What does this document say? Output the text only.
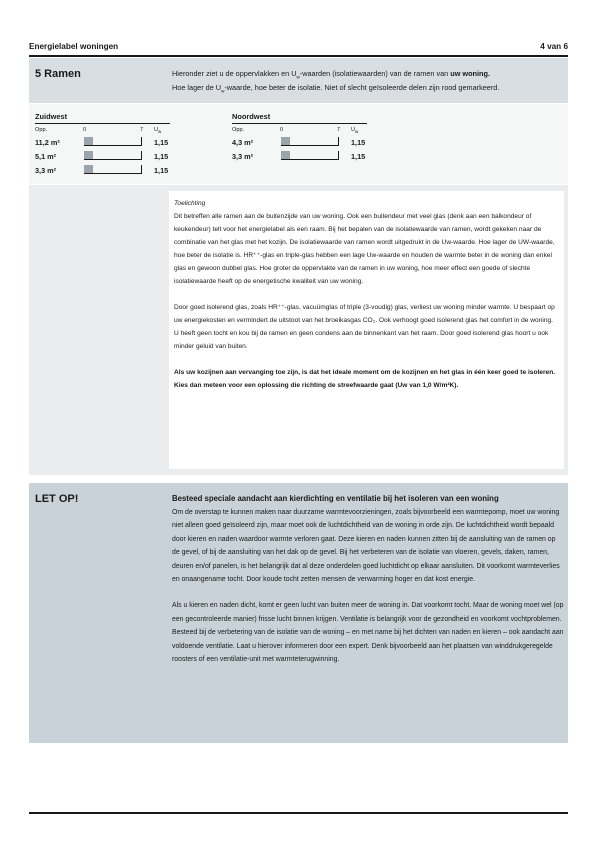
Energielabel woningen	4 van 6
5 Ramen	Hieronder ziet u de oppervlakken en $U_w$-waarden (isolatiewaarden) van de ramen van uw woning.
Hoe lager de $U_w$-waarde, hoe beter de isolatie. Niet of slecht geïsoleerde delen zijn rood gemarkeerd.
Zuidwest
Opp.	0	7 $U_w$
11,2 m²	1,15
5,1 m²	1,15
3,3 m²	1,15
Noordwest
Opp.	0	7 $U_w$
4,3 m²	1,15
3,3 m²	1,15
Toelichting

Dit betreffen alle ramen aan de buitenzijde van uw woning. Ook een buitendeur met veel glas (denk aan een balkondeur of keukendeur) telt voor het energielabel als een raam. Bij het bepalen van de isolatiewaarde van ramen, wordt gekeken naar de combinatie van het glas met het kozijn. De isolatiewaarde van ramen wordt uitgedrukt in de Uw-waarde. Hoe lager de UW-waarde, hoe beter de isolatie is. HR⁺⁺-glas en triple-glas hebben een lage Uw-waarde en houden de warmte beter in de woning dan enkel glas en gewoon dubbel glas. Hoe groter de oppervlakte van de ramen in uw woning, hoe meer effect een goede of slechte isolatiewaarde heeft op de energetische kwaliteit van uw woning.

Door goed isolerend glas, zoals HR⁺⁺-glas, vacuümglas of triple (3-voudig) glas, verliest uw woning minder warmte. U bespaart op uw energiekosten en vermindert de uitstoot van het broeikasgas CO₂. Ook verhoogt goed isolerend glas het comfort in de woning. U heeft geen tocht en kou bij de ramen en geen condens aan de binnenkant van het raam. Door goed isolerend glas hoort u ook minder geluid van buiten.

Als uw kozijnen aan vervanging toe zijn, is dat het ideale moment om de kozijnen en het glas in één keer goed te isoleren. Kies dan meteen voor een oplossing die richting de streefwaarde gaat (Uw van 1,0 W/m²K).

LET OP!	Besteed speciale aandacht aan kierdichting en ventilatie bij het isoleren van een woning

Om de overstap te kunnen maken naar duurzame warmtevoorzieningen, zoals bijvoorbeeld een warmtepomp, moet uw woning niet alleen goed geïsoleerd zijn, maar moet ook de luchtdichtheid van de woning in orde zijn. De luchtdichtheid wordt bepaald door kieren en naden waardoor warmte verloren gaat. Deze kieren en naden kunnen zitten bij de aansluiting van de ramen op de gevel, of bij de aansluiting van het dak op de gevel. Bij het verbeteren van de isolatie van vloeren, gevels, daken, ramen, deuren en/of panelen, is het belangrijk dat al deze onderdelen goed luchtdicht op elkaar aansluiten. Dit voorkomt warmteverlies en onaangename tocht. Door koude tocht zetten mensen de verwarming hoger en dat kost energie.

Als u kieren en naden dicht, komt er geen lucht van buiten meer de woning in. Dat voorkomt tocht. Maar de woning moet wel (op een gecontroleerde manier) frisse lucht binnen krijgen. Ventilatie is belangrijk voor de gezondheid en voorkomt vochtproblemen. Besteed bij de verbetering van de isolatie van de woning – en met name bij het dichten van naden en kieren – ook aandacht aan voldoende ventilatie. Laat u hierover informeren door een expert. Denk bijvoorbeeld aan het plaatsen van winddrukgeregelde roosters of een ventilatie-unit met warmteterugwinning.
